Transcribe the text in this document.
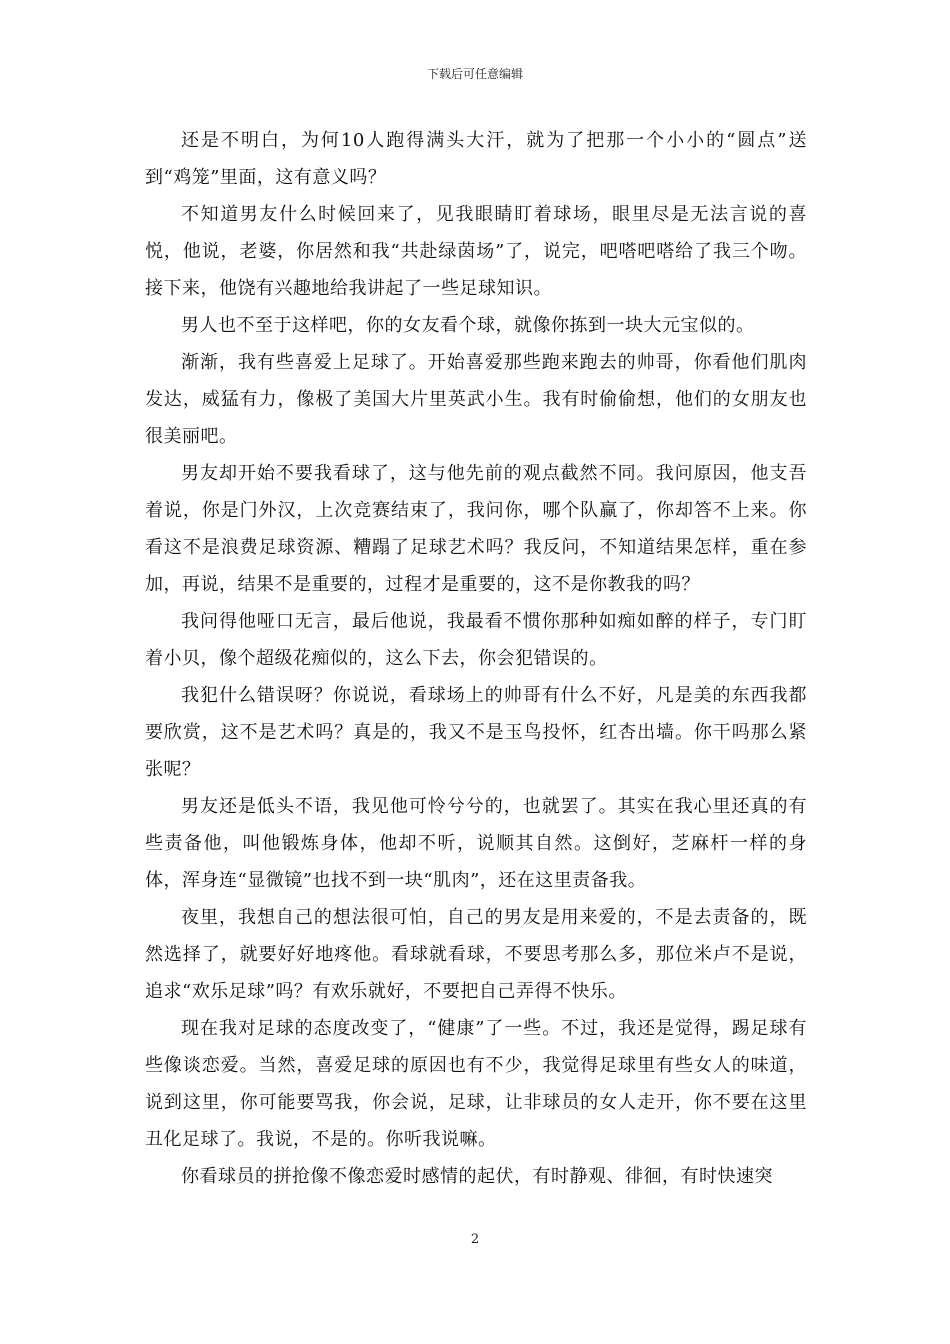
下载后可任意编辑

还是不明白，为何10人跑得满头大汗，就为了把那一个小小的“圆点”送到“鸡笼”里面，这有意义吗？

不知道男友什么时候回来了，见我眼睛盯着球场，眼里尽是无法言说的喜悦，他说，老婆，你居然和我“共赴绿茵场”了，说完，吧嗒吧嗒给了我三个吻。接下来，他饶有兴趣地给我讲起了一些足球知识。

男人也不至于这样吧，你的女友看个球，就像你拣到一块大元宝似的。

渐渐，我有些喜爱上足球了。开始喜爱那些跑来跑去的帅哥，你看他们肌肉发达，威猛有力，像极了美国大片里英武小生。我有时偷偷想，他们的女朋友也很美丽吧。

男友却开始不要我看球了，这与他先前的观点截然不同。我问原因，他支吾着说，你是门外汉，上次竞赛结束了，我问你，哪个队赢了，你却答不上来。你看这不是浪费足球资源、糟蹋了足球艺术吗？我反问，不知道结果怎样，重在参加，再说，结果不是重要的，过程才是重要的，这不是你教我的吗？

我问得他哑口无言，最后他说，我最看不惯你那种如痴如醉的样子，专门盯着小贝，像个超级花痴似的，这么下去，你会犯错误的。

我犯什么错误呀？你说说，看球场上的帅哥有什么不好，凡是美的东西我都要欣赏，这不是艺术吗？真是的，我又不是玉鸟投怀，红杏出墙。你干吗那么紧张呢？

男友还是低头不语，我见他可怜兮兮的，也就罢了。其实在我心里还真的有些责备他，叫他锻炼身体，他却不听，说顺其自然。这倒好，芝麻杆一样的身体，浑身连“显微镜”也找不到一块“肌肉”，还在这里责备我。

夜里，我想自己的想法很可怕，自己的男友是用来爱的，不是去责备的，既然选择了，就要好好地疼他。看球就看球，不要思考那么多，那位米卢不是说，追求“欢乐足球”吗？有欢乐就好，不要把自己弄得不快乐。

现在我对足球的态度改变了，“健康”了一些。不过，我还是觉得，踢足球有些像谈恋爱。当然，喜爱足球的原因也有不少，我觉得足球里有些女人的味道，说到这里，你可能要骂我，你会说，足球，让非球员的女人走开，你不要在这里丑化足球了。我说，不是的。你听我说嘛。

你看球员的拼抢像不像恋爱时感情的起伏，有时静观、徘徊，有时快速突

2
